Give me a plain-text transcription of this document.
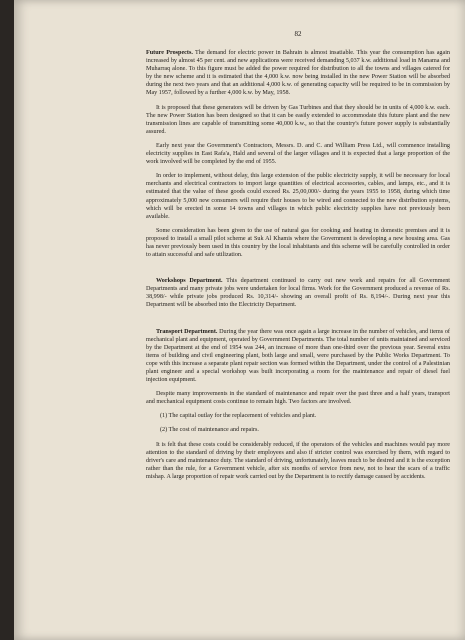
82

Future Prospects. The demand for electric power in Bahrain is almost insatiable. This year the consumption has again increased by almost 45 per cent. and new applications were received demanding 5,037 k.w. additional load in Manama and Muharraq alone. To this figure must be added the power required for distribution to all the towns and villages catered for by the new scheme and it is estimated that the 4,000 k.w. now being installed in the new Power Station will be absorbed during the next two years and that an additional 4,000 k.w. of generating capacity will be required to be in commission by May 1957, followed by a further 4,000 k.w. by May, 1958.

It is proposed that these generators will be driven by Gas Turbines and that they should be in units of 4,000 k.w. each. The new Power Station has been designed so that it can be easily extended to accommodate this future plant and the new transmission lines are capable of transmitting some 40,000 k.w., so that the country's future power supply is substantially assured.

Early next year the Government's Contractors, Messrs. D. and C. and William Press Ltd., will commence installing electricity supplies in East Rafa'a, Hald and several of the larger villages and it is expected that a large proportion of the work involved will be completed by the end of 1955.

In order to implement, without delay, this large extension of the public electricity supply, it will be necessary for local merchants and electrical contractors to import large quantities of electrical accessories, cables, and lamps, etc., and it is estimated that the value of these goods could exceed Rs. 25,00,000/- during the years 1955 to 1958, during which time approximately 5,000 new consumers will require their houses to be wired and connected to the new distribution systems, which will be erected in some 14 towns and villages in which public electricity supplies have not previously been available.

Some consideration has been given to the use of natural gas for cooking and heating in domestic premises and it is proposed to install a small pilot scheme at Suk Al Khamis where the Government is developing a new housing area. Gas has never previously been used in this country by the local inhabitants and this scheme will be carefully controlled in order to attain successful and safe utilization.

Workshops Department. This department continued to carry out new work and repairs for all Government Departments and many private jobs were undertaken for local firms. Work for the Government produced a revenue of Rs. 38,998/- while private jobs produced Rs. 10,314/- showing an overall profit of Rs. 8,194/-. During next year this Department will be absorbed into the Electricity Department.

Transport Department. During the year there was once again a large increase in the number of vehicles, and items of mechanical plant and equipment, operated by Government Departments. The total number of units maintained and serviced by the Department at the end of 1954 was 244, an increase of more than one-third over the previous year. Several extra items of building and civil engineering plant, both large and small, were purchased by the Public Works Department. To cope with this increase a separate plant repair section was formed within the Department, under the control of a Palestinian plant engineer and a special workshop was built incorporating a room for the maintenance and repair of diesel fuel injection equipment.

Despite many improvements in the standard of maintenance and repair over the past three and a half years, transport and mechanical equipment costs continue to remain high. Two factors are involved.

(1) The capital outlay for the replacement of vehicles and plant.

(2) The cost of maintenance and repairs.

It is felt that these costs could be considerably reduced, if the operators of the vehicles and machines would pay more attention to the standard of driving by their employees and also if stricter control was exercised by them, with regard to driver's care and maintenance duty. The standard of driving, unfortunately, leaves much to be desired and it is the exception rather than the rule, for a Government vehicle, after six months of service from new, not to hear the scars of a traffic mishap. A large proportion of repair work carried out by the Department is to rectify damage caused by accidents.
